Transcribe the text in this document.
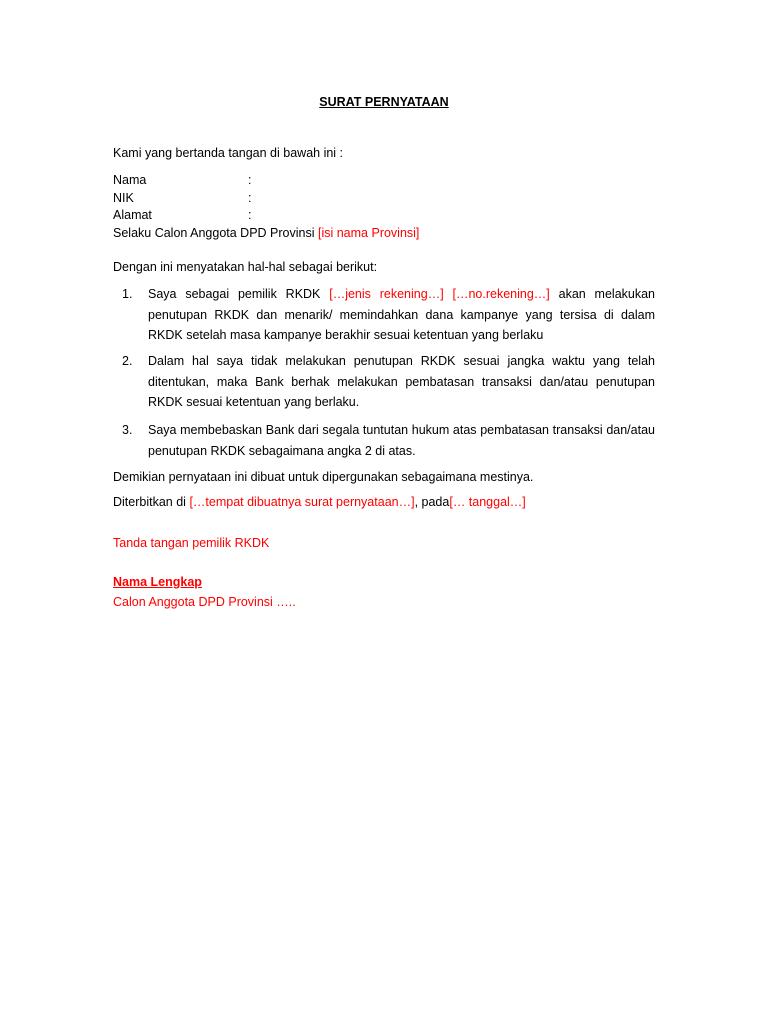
SURAT PERNYATAAN
Kami yang bertanda tangan di bawah ini :
Nama	:
NIK	:
Alamat	:
Selaku Calon Anggota DPD Provinsi [isi nama Provinsi]
Dengan ini menyatakan hal-hal sebagai berikut:
1. Saya sebagai pemilik RKDK […jenis rekening…] […no.rekening…] akan melakukan penutupan RKDK dan menarik/ memindahkan dana kampanye yang tersisa di dalam RKDK setelah masa kampanye berakhir sesuai ketentuan yang berlaku
2. Dalam hal saya tidak melakukan penutupan RKDK sesuai jangka waktu yang telah ditentukan, maka Bank berhak melakukan pembatasan transaksi dan/atau penutupan RKDK sesuai ketentuan yang berlaku.
3. Saya membebaskan Bank dari segala tuntutan hukum atas pembatasan transaksi dan/atau penutupan RKDK sebagaimana angka 2 di atas.
Demikian pernyataan ini dibuat untuk dipergunakan sebagaimana mestinya.
Diterbitkan di […tempat dibuatnya surat pernyataan…], pada[… tanggal…]
Tanda tangan pemilik RKDK
Nama Lengkap
Calon Anggota DPD Provinsi …..
